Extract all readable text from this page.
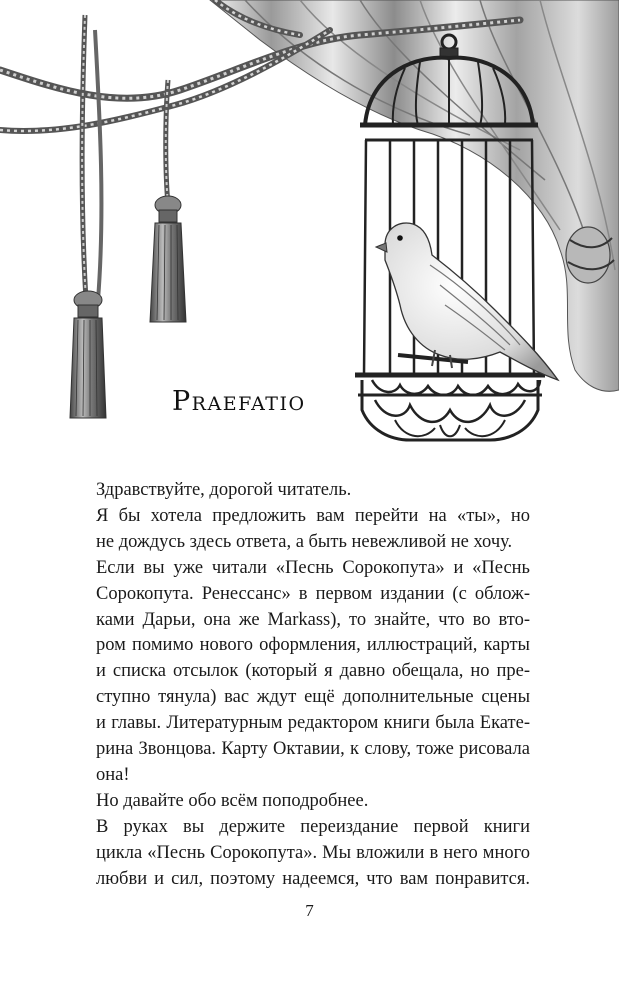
Praefatio

Здравствуйте, дорогой читатель.

Я бы хотела предложить вам перейти на «ты», но
не дождусь здесь ответа, а быть невежливой не хочу.

Если вы уже читали «Песнь Сорокопута» и «Песнь
Сорокопута. Ренессанс» в первом издании (с облож-
ками Дарьи, она же Markass), то знайте, что во вто-
ром помимо нового оформления, иллюстраций, карты
и списка отсылок (который я давно обещала, но пре-
ступно тянула) вас ждут ещё дополнительные сцены
и главы. Литературным редактором книги была Екате-
рина Звонцова. Карту Октавии, к слову, тоже рисовала
она!

Но давайте обо всём поподробнее.

В руках вы держите переиздание первой книги
цикла «Песнь Сорокопута». Мы вложили в него много
любви и сил, поэтому надеемся, что вам понравится.

7
